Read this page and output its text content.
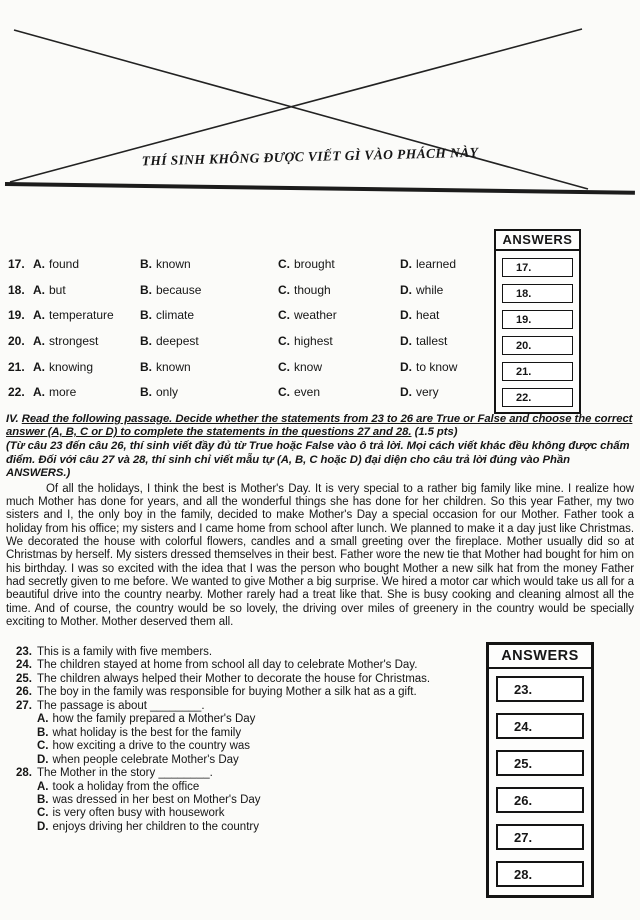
THÍ SINH KHÔNG ĐƯỢC VIẾT GÌ VÀO PHÁCH NÀY
17. A. found	B. known	C. brought	D. learned
18. A. but	B. because	C. though	D. while
19. A. temperature B. climate	C. weather	D. heat
20. A. strongest	B. deepest	C. highest	D. tallest
21. A. knowing	B. known	C. know	D. to know
22. A. more	B. only	C. even	D. very
ANSWERS
17.
18.
19.
20.
21.
22.
IV. Read the following passage. Decide whether the statements from 23 to 26 are True or False and choose the correct answer (A, B, C or D) to complete the statements in the questions 27 and 28. (1.5 pts)
(Từ câu 23 đến câu 26, thí sinh viết đầy đủ từ True hoặc False vào ô trả lời. Mọi cách viết khác đều không được chấm điểm. Đối với câu 27 và 28, thí sinh chỉ viết mẫu tự (A, B, C hoặc D) đại diện cho câu trả lời đúng vào Phần ANSWERS.)
Of all the holidays, I think the best is Mother's Day. It is very special to a rather big family like mine. I realize how much Mother has done for years, and all the wonderful things she has done for her children. So this year Father, my two sisters and I, the only boy in the family, decided to make Mother's Day a special occasion for our Mother. Father took a holiday from his office; my sisters and I came home from school after lunch. We planned to make it a day just like Christmas. We decorated the house with colorful flowers, candles and a small greeting over the fireplace. Mother usually did so at Christmas by herself. My sisters dressed themselves in their best. Father wore the new tie that Mother had bought for him on his birthday. I was so excited with the idea that I was the person who bought Mother a new silk hat from the money Father had secretly given to me before. We wanted to give Mother a big surprise. We hired a motor car which would take us all for a beautiful drive into the country nearby. Mother rarely had a treat like that. She is busy cooking and cleaning almost all the time. And of course, the country would be so lovely, the driving over miles of greenery in the country would be specially exciting to Mother. Mother deserved them all.
23. This is a family with five members.
24. The children stayed at home from school all day to celebrate Mother's Day.
25. The children always helped their Mother to decorate the house for Christmas.
26. The boy in the family was responsible for buying Mother a silk hat as a gift.
27. The passage is about ________.
A. how the family prepared a Mother's Day
B. what holiday is the best for the family
C. how exciting a drive to the country was
D. when people celebrate Mother's Day
28. The Mother in the story ________.
A. took a holiday from the office
B. was dressed in her best on Mother's Day
C. is very often busy with housework
D. enjoys driving her children to the country
ANSWERS
23.
24.
25.
26.
27.
28.
